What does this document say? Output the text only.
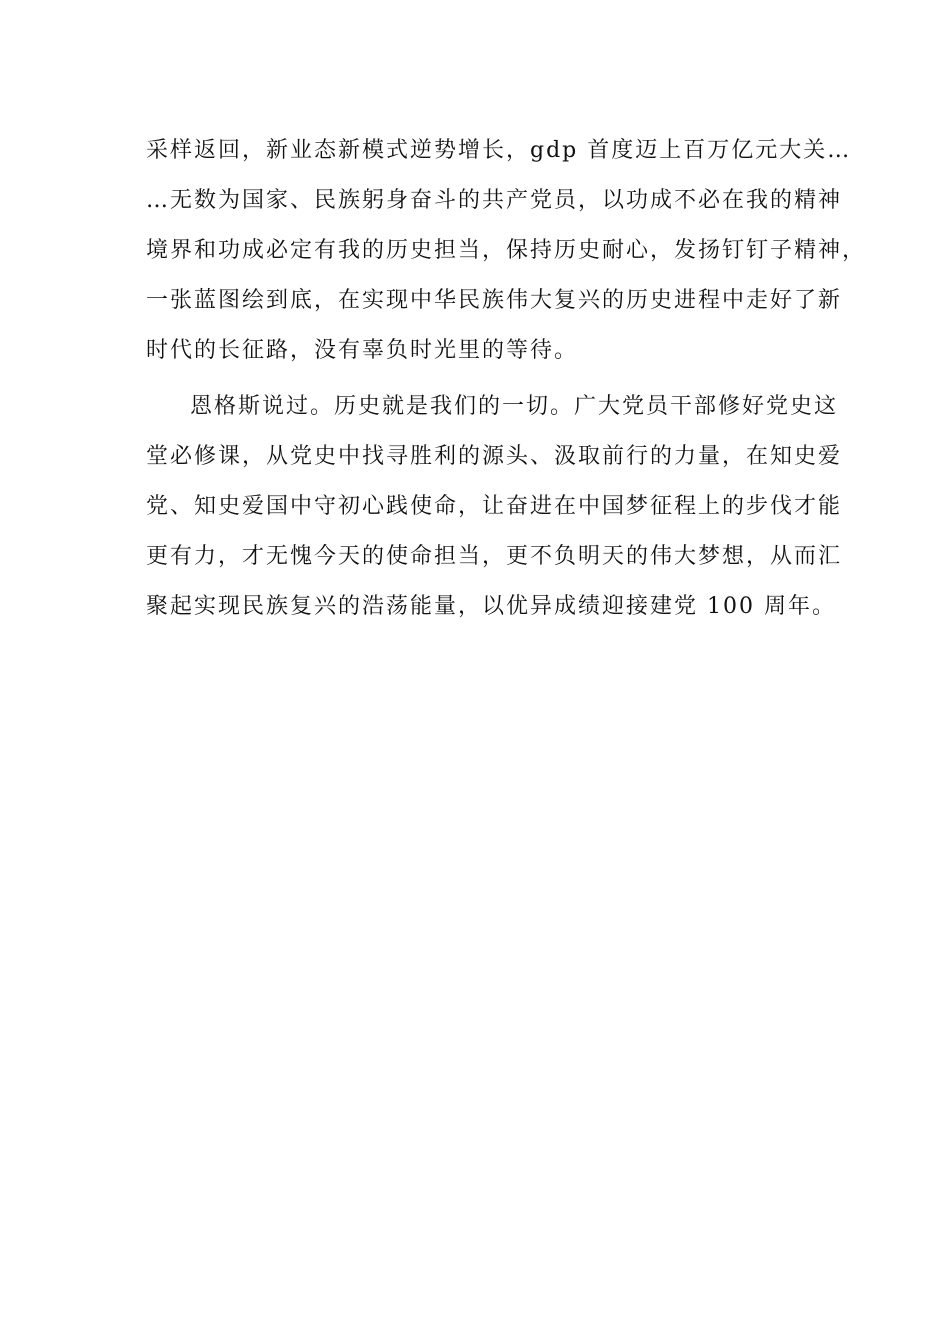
采样返回，新业态新模式逆势增长，gdp 首度迈上百万亿元大关…
…无数为国家、民族躬身奋斗的共产党员，以功成不必在我的精神
境界和功成必定有我的历史担当，保持历史耐心，发扬钉钉子精神，
一张蓝图绘到底，在实现中华民族伟大复兴的历史进程中走好了新
时代的长征路，没有辜负时光里的等待。
恩格斯说过。历史就是我们的一切。广大党员干部修好党史这
堂必修课，从党史中找寻胜利的源头、汲取前行的力量，在知史爱
党、知史爱国中守初心践使命，让奋进在中国梦征程上的步伐才能
更有力，才无愧今天的使命担当，更不负明天的伟大梦想，从而汇
聚起实现民族复兴的浩荡能量，以优异成绩迎接建党 100 周年。
